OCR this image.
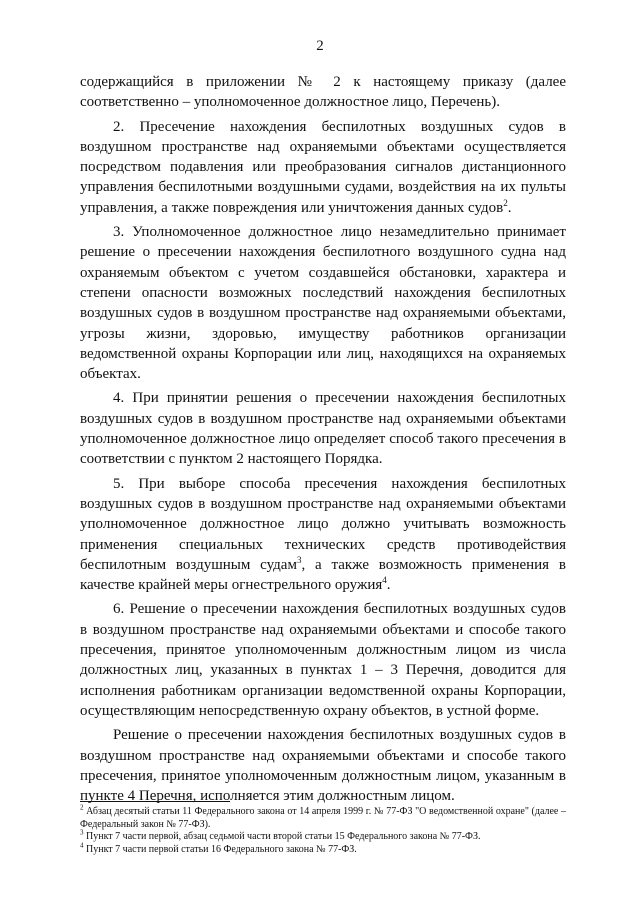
2

содержащийся в приложении № 2 к настоящему приказу (далее соответственно – уполномоченное должностное лицо, Перечень).

2. Пресечение нахождения беспилотных воздушных судов в воздушном пространстве над охраняемыми объектами осуществляется посредством подавления или преобразования сигналов дистанционного управления беспилотными воздушными судами, воздействия на их пульты управления, а также повреждения или уничтожения данных судов$^2$.

3. Уполномоченное должностное лицо незамедлительно принимает решение о пресечении нахождения беспилотного воздушного судна над охраняемым объектом с учетом создавшейся обстановки, характера и степени опасности возможных последствий нахождения беспилотных воздушных судов в воздушном пространстве над охраняемыми объектами, угрозы жизни, здоровью, имуществу работников организации ведомственной охраны Корпорации или лиц, находящихся на охраняемых объектах.

4. При принятии решения о пресечении нахождения беспилотных воздушных судов в воздушном пространстве над охраняемыми объектами уполномоченное должностное лицо определяет способ такого пресечения в соответствии с пунктом 2 настоящего Порядка.

5. При выборе способа пресечения нахождения беспилотных воздушных судов в воздушном пространстве над охраняемыми объектами уполномоченное должностное лицо должно учитывать возможность применения специальных технических средств противодействия беспилотным воздушным судам$^3$, а также возможность применения в качестве крайней меры огнестрельного оружия$^4$.

6. Решение о пресечении нахождения беспилотных воздушных судов в воздушном пространстве над охраняемыми объектами и способе такого пресечения, принятое уполномоченным должностным лицом из числа должностных лиц, указанных в пунктах 1 – 3 Перечня, доводится для исполнения работникам организации ведомственной охраны Корпорации, осуществляющим непосредственную охрану объектов, в устной форме.

Решение о пресечении нахождения беспилотных воздушных судов в воздушном пространстве над охраняемыми объектами и способе такого пресечения, принятое уполномоченным должностным лицом, указанным в пункте 4 Перечня, исполняется этим должностным лицом.

$^2$ Абзац десятый статьи 11 Федерального закона от 14 апреля 1999 г. № 77-ФЗ "О ведомственной охране" (далее – Федеральный закон № 77-ФЗ).

$^3$ Пункт 7 части первой, абзац седьмой части второй статьи 15 Федерального закона № 77-ФЗ.

$^4$ Пункт 7 части первой статьи 16 Федерального закона № 77-ФЗ.
